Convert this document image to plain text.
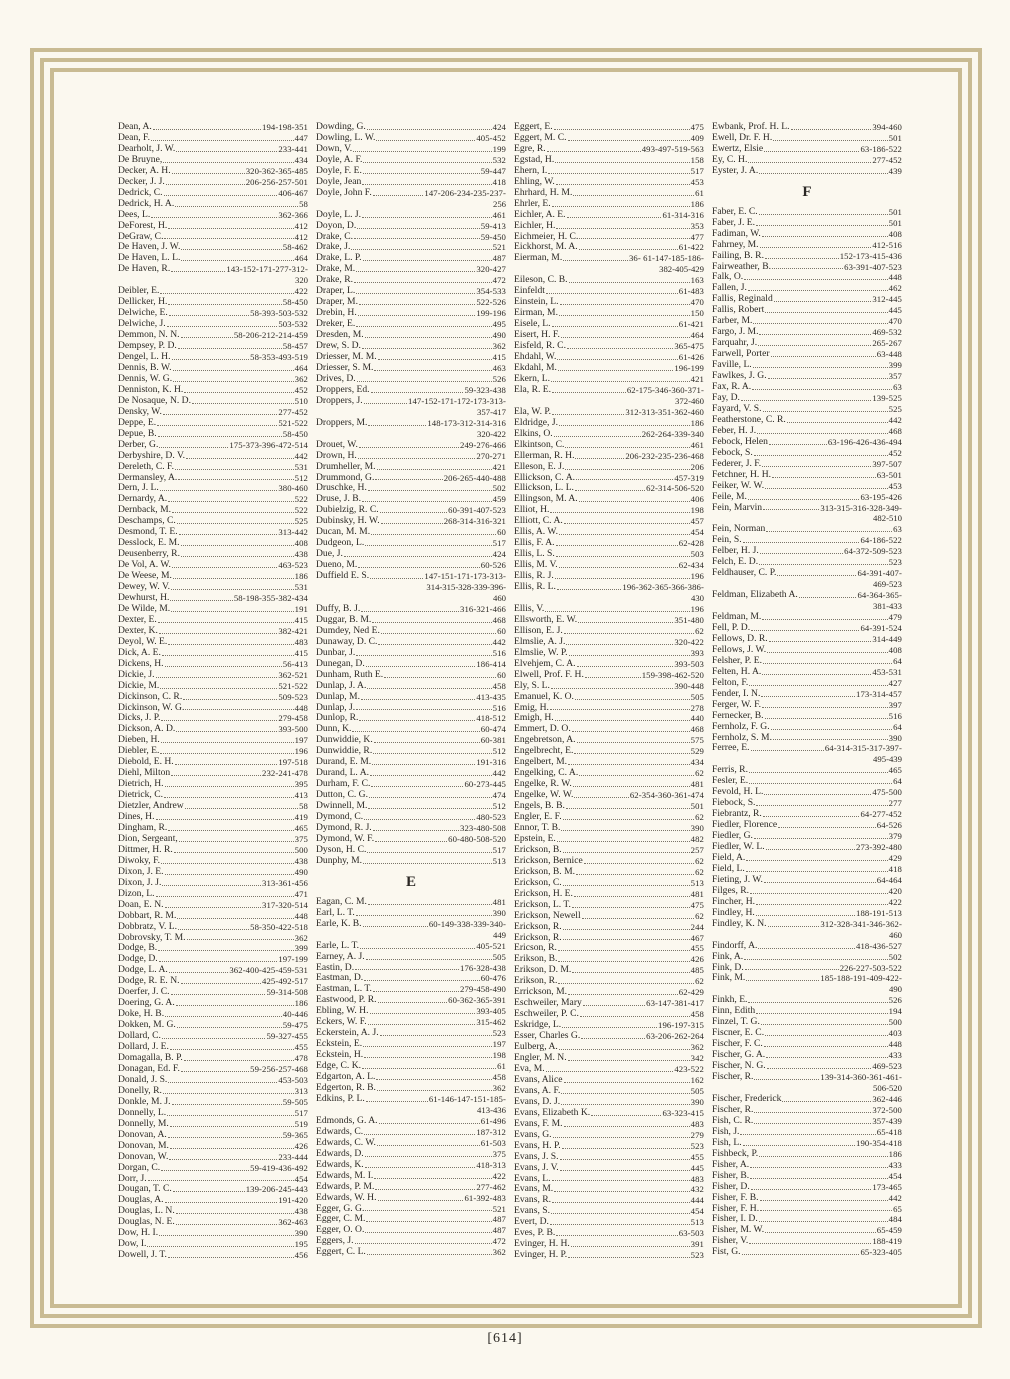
Dean, A.	194-198-351
Dean, F.	447
Dearholt, J. W.	233-441
De Bruyne,	434
Decker, A. H.	320-362-365-485
Decker, J. J.	206-256-257-501
Dedrick, C.	406-467
Dedrick, H. A.	58
Dees, L.	362-366
DeForest, H.	412
DeGraw, C.	412
De Haven, J. W.	58-462
De Haven, L. L.	464
De Haven, R.	143-152-171-277-312-
320
Deibler, E.	422
Dellicker, H.	58-450
Delwiche, E.	58-393-503-532
Delwiche, J.	503-532
Demmon, N. N.	58-206-212-214-459
Dempsey, P. D.	58-457
Dengel, L. H.	58-353-493-519
Dennis, B. W.	464
Dennis, W. G.	362
Denniston, K. H.	452
De Nosaque, N. D.	510
Densky, W.	277-452
Deppe, E.	521-522
Depue, B.	58-450
Derber, G.	175-373-396-472-514
Derbyshire, D. V.	442
Dereleth, C. F.	531
Dermansley, A.	512
Dern, J. L.	380-460
Dernardy, A.	522
Dernback, M.	522
Deschamps, C.	525
Desmond, T. E.	313-442
Desslock, E. M.	408
Deusenberry, R.	438
De Vol, A. W.	463-523
De Weese, M.	186
Dewey, W. V.	531
Dewhurst, H.	58-198-355-382-434
De Wilde, M.	191
Dexter, E.	415
Dexter, K.	382-421
Deyol, W. E.	483
Dick, A. E.	415
Dickens, H.	56-413
Dickie, J.	362-521
Dickie, M.	521-522
Dickinson, C. R.	509-523
Dickinson, W. G.	448
Dicks, J. P.	279-458
Dickson, A. D.	393-500
Dieben, H.	197
Diebler, E.	196
Diebold, E. H.	197-518
Diehl, Milton	232-241-478
Dietrich, H.	395
Dietrick, C.	413
Dietzler, Andrew	58
Dines, H.	419
Dingham, R.	465
Dion, Sergeant,	375
Dittmer, H. R.	500
Diwoky, F.	438
Dixon, J. E.	490
Dixon, J. J.	313-361-456
Dizon, L.	471
Doan, E. N.	317-320-514
Dobbart, R. M.	448
Dobbratz, V. L.	58-350-422-518
Dobrovsky, T. M.	362
Dodge, B.	399
Dodge, D.	197-199
Dodge, L. A.	362-400-425-459-531
Dodge, R. E. N.	425-492-517
Doerfer, J. C.	59-314-508
Doering, G. A.	186
Doke, H. B.	40-446
Dokken, M. G.	59-475
Dollard, C.	59-327-455
Dollard, J. E.	455
Domagalla, B. P.	478
Donagan, Ed. F.	59-256-257-468
Donald, J. S.	453-503
Donelly, R.	313
Donkle, M. J.	59-505
Donnelly, L.	517
Donnelly, M.	519
Donovan, A.	59-365
Donovan, M.	426
Donovan, W.	233-444
Dorgan, C.	59-419-436-492
Dorr, J.	454
Dougan, T. C.	139-206-245-443
Douglas, A.	191-420
Douglas, L. N.	438
Douglas, N. E.	362-463
Dow, H. I.	390
Dow, I.	195
Dowell, J. T.	456
Dowding, G.	424
Dowling, L. W.	405-452
Down, V.	199
Doyle, A. F.	532
Doyle, F. E.	59-447
Doyle, Jean	418
Doyle, John F.	147-206-234-235-237-
256
Doyle, L. J.	461
Doyon, D.	59-413
Drake, C.	59-450
Drake, J.	521
Drake, L. P.	487
Drake, M.	320-427
Drake, R.	472
Draper, L.	354-533
Draper, M.	522-526
Drebin, H.	199-196
Dreker, E.	495
Dresden, M.	490
Drew, S. D.	362
Driesser, M. M.	415
Driesser, S. M.	463
Drives, D.	526
Droppers, Ed.	59-323-438
Droppers, J.	147-152-171-172-173-313-
357-417
Droppers, M.	148-173-312-314-316
320-422
Drouet, W.	249-276-466
Drown, H.	270-271
Drumheller, M.	421
Drummond, G.	206-265-440-488
Druschke, H.	502
Druse, J. B.	459
Dubielzig, R. C.	60-391-407-523
Dubinsky, H. W.	268-314-316-321
Ducan, M. M.	60
Dudgeon, L.	517
Due, J.	424
Dueno, M.	60-526
Duffield E. S.	147-151-171-173-313-
314-315-328-339-396-
460
Duffy, B. J.	316-321-466
Duggar, B. M.	468
Dumdey, Ned E.	60
Dunaway, D. C.	442
Dunbar, J.	516
Dunegan, D.	186-414
Dunham, Ruth E.	60
Dunlap, J. A.	458
Dunlap, M.	413-435
Dunlap, J.	516
Dunlop, R.	418-512
Dunn, K.	60-474
Dunwiddie, K.	60-381
Dunwiddie, R.	512
Durand, E. M.	191-316
Durand, L. A.	442
Durham, F. C.	60-273-445
Dutton, C. G.	474
Dwinnell, M.	512
Dymond, C.	480-523
Dymond, R. J.	323-480-508
Dymond, W. F.	60-480-508-520
Dyson, H. C.	517
Dunphy, M.	513
E
Eagan, C. M.	481
Earl, L. T.	390
Earle, K. B.	60-149-338-339-340-
449
Earle, L. T.	405-521
Earney, A. J.	505
Eastin, D.	176-328-438
Eastman, D.	60-476
Eastman, L. T.	279-458-490
Eastwood, P. R.	60-362-365-391
Ebling, W. H.	393-405
Eckers, W. F.	315-462
Eckerstein, A. J.	523
Eckstein, E.	197
Eckstein, H.	198
Edge, C. K.	61
Edgarton, A. L.	458
Edgerton, R. B.	362
Edkins, P. L.	61-146-147-151-185-
413-436
Edmonds, G. A.	61-496
Edwards, C.	187-312
Edwards, C. W.	61-503
Edwards, D.	375
Edwards, K.	418-313
Edwards, M. I.	422
Edwards, P. M.	277-462
Edwards, W. H.	61-392-483
Egger, G. G.	521
Egger, C. M.	487
Egger, O. O.	487
Eggers, J.	472
Eggert, C. L.	362
Eggert, E.	475
Eggert, M. C.	409
Egre, R.	493-497-519-563
Egstad, H.	158
Ehern, I.	517
Ehling, W.	453
Ehrhard, H. M.	61
Ehrler, E.	186
Eichler, A. E.	61-314-316
Eichler, H.	353
Eichmeier, H. C.	477
Eickhorst, M. A.	61-422
Eierman, M.	36- 61-147-185-186-
382-405-429
Eileson, C. B.	163
Einfeldt	61-483
Einstein, L.	470
Eirman, M.	150
Eisele, L.	61-421
Eisert, H. F.	464
Eisfeld, R. C.	365-475
Ehdahl, W.	61-426
Ekdahl, M.	196-199
Ekern, L.	421
Ela, R. E.	62-175-346-360-371-
372-460
Ela, W. P.	312-313-351-362-460
Eldridge, J.	186
Elkins, O.	262-264-339-340
Elkintson, C.	461
Ellerman, R. H.	206-232-235-236-468
Elleson, E. J.	206
Ellickson, C. A.	457-319
Ellickson, L. L.	62-314-506-520
Ellingson, M. A.	406
Elliot, H.	198
Elliott, C. A.	457
Ellis, A. W.	454
Ellis, F. A.	62-428
Ellis, L. S.	503
Ellis, M. V.	62-434
Ellis, R. J.	196
Ellis, R. L.	196-362-365-366-386-
430
Ellis, V.	196
Ellsworth, E. W.	351-480
Ellison, E. J.	62
Elmslie, A. J.	320-422
Elmslie, W. P.	393
Elvehjem, C. A.	393-503
Elwell, Prof. F. H.	159-398-462-520
Ely, S. L.	390-448
Emanuel, K. O.	505
Emig, H.	278
Emigh, H.	440
Emmert, D. O.	468
Engebretson, A.	575
Engelbrecht, E.	529
Engelbert, M.	434
Engelking, C. A.	62
Engelke, R. W.	481
Engelke, W. W.	62-354-360-361-474
Engels, B. B.	501
Engler, E. F.	62
Ennor, T. B.	390
Epstein, E.	482
Erickson, B.	257
Erickson, Bernice	62
Erickson, B. M.	62
Erickson, C.	513
Erickson, H. E.	481
Erickson, L. T.	475
Erickson, Newell	62
Erickson, R.	244
Erickson, R.	467
Ericson, R.	455
Erikson, B.	426
Erikson, D. M.	485
Erikson, R.	62
Errickson, M.	62-429
Eschweiler, Mary	63-147-381-417
Eschweiler, P. C.	458
Eskridge, L.	196-197-315
Esser, Charles G.	63-206-262-264
Eulberg, A.	362
Engler, M. N.	342
Eva, M.	423-522
Evans, Alice	162
Evans, A. F.	505
Evans, D. J.	390
Evans, Elizabeth K.	63-323-415
Evans, F. M.	483
Evans, G.	279
Evans, H. P.	523
Evans, J. S.	455
Evans, J. V.	445
Evans, L.	483
Evans, M.	432
Evans, R.	444
Evans, S.	454
Evert, D.	513
Eves, P. B.	63-503
Evinger, H. H.	391
Evinger, H. P.	523
Ewbank, Prof. H. L.	394-460
Ewell, Dr. F. H.	501
Ewertz, Elsie	63-186-522
Ey, C. H.	277-452
Eyster, J. A.	439
F
Faber, E. C.	501
Faber, J. E.	501
Fadiman, W.	408
Fahrney, M.	412-516
Failing, B. R.	152-173-415-436
Fairweather, B.	63-391-407-523
Falk, O.	448
Fallen, J.	462
Fallis, Reginald	312-445
Fallis, Robert	445
Farber, M.	470
Fargo, J. M.	469-532
Farquahr, J.	265-267
Farwell, Porter	63-448
Faville, L.	399
Fawlkes, J. G.	357
Fax, R. A.	63
Fay, D.	139-525
Fayard, V. S.	525
Featherstone, C. R.	442
Feber, H. J.	468
Febock, Helen	63-196-426-436-494
Febock, S.	452
Federer, J. F.	397-507
Fetchner, H. H.	63-501
Feiker, W. W.	453
Feile, M.	63-195-426
Fein, Marvin	313-315-316-328-349-
482-510
Fein, Norman	63
Fein, S.	64-186-522
Felber, H. J.	64-372-509-523
Felch, E. D.	523
Feldhauser, C. P.	64-391-407-
469-523
Feldman, Elizabeth A.	64-364-365-
381-433
Feldman, M.	479
Fell, P. D.	64-391-524
Fellows, D. R.	314-449
Fellows, J. W.	408
Felsher, P. E.	64
Felten, H. A.	453-531
Felton, F.	427
Fender, I. N.	173-314-457
Ferger, W. F.	397
Fernecker, B.	516
Fernholz, F. G.	64
Fernholz, S. M.	390
Ferree, E.	64-314-315-317-397-
495-439
Ferris, R.	465
Fesler, E.	64
Fevold, H. L.	475-500
Fiebock, S.	277
Fiebrantz, R.	64-277-452
Fiedler, Florence	64-526
Fiedler, G.	379
Fiedler, W. L.	273-392-480
Field, A.	429
Field, L.	418
Fieting, J. W.	64-464
Filges, R.	420
Fincher, H.	422
Findley, H.	188-191-513
Findley, K. N.	312-328-341-346-362-
460
Findorff, A.	418-436-527
Fink, A.	502
Fink, D.	226-227-503-522
Fink, M.	185-188-191-409-422-
490
Finkh, E.	526
Finn, Edith	194
Finzel, T. G.	500
Fiscner, E. C.	403
Fischer, F. C.	448
Fischer, G. A.	433
Fischer, N. G.	469-523
Fischer, R.	139-314-360-361-461-
506-520
Fischer, Frederick	362-446
Fischer, R.	372-500
Fish, C. R.	357-439
Fish, J.	65-418
Fish, L.	190-354-418
Fishbeck, P.	186
Fisher, A.	433
Fisher, B.	454
Fisher, D.	173-465
Fisher, F. B.	442
Fisher, F. H.	65
Fisher, I. D.	484
Fisher, M. W.	65-459
Fisher, V.	188-419
Fist, G.	65-323-405
[614]
